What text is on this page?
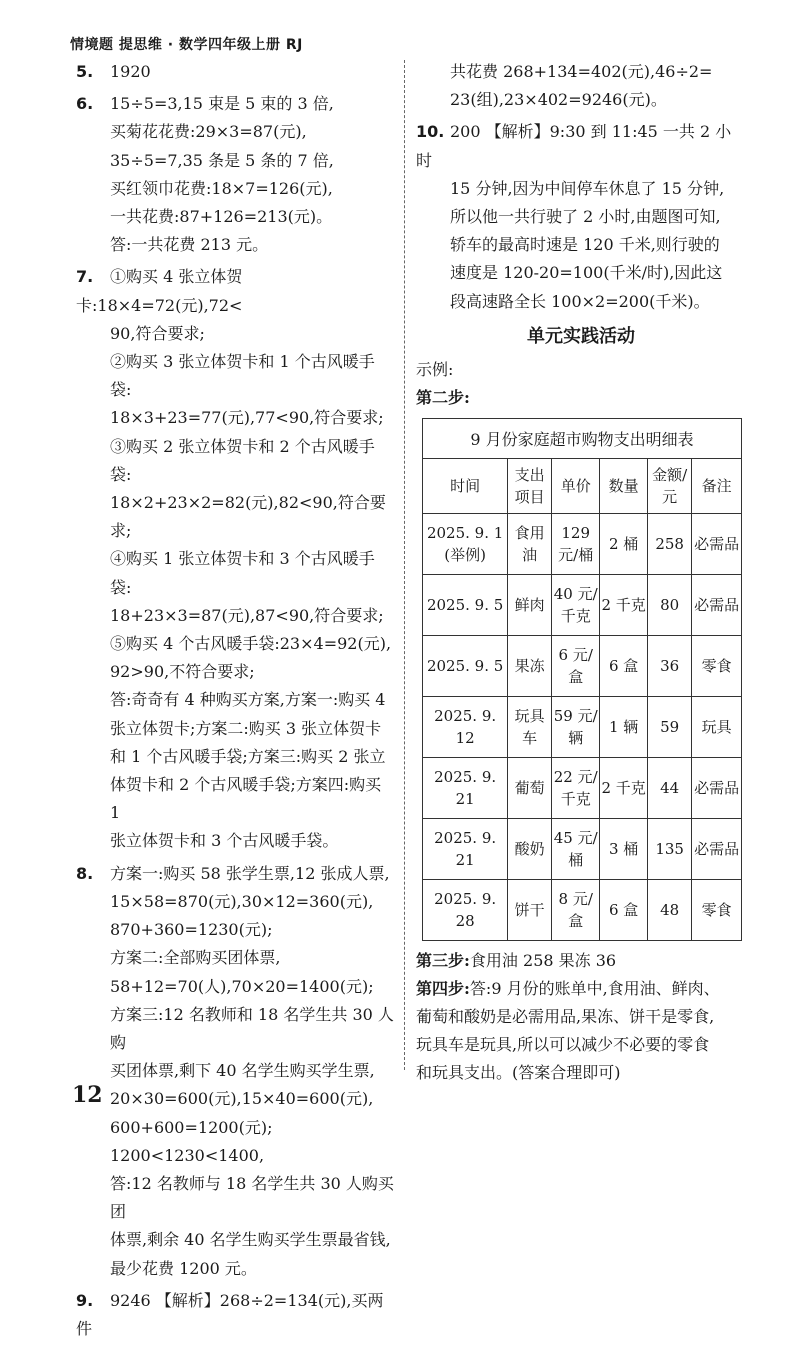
情境题 提思维 · 数学四年级上册 RJ
5. 1920
6. 15÷5=3,15 束是 5 束的 3 倍,
买菊花花费:29×3=87(元),
35÷5=7,35 条是 5 条的 7 倍,
买红领巾花费:18×7=126(元),
一共花费:87+126=213(元)。
答:一共花费 213 元。
7. ①购买 4 张立体贺卡:18×4=72(元),72<
90,符合要求;
②购买 3 张立体贺卡和 1 个古风暖手袋:
18×3+23=77(元),77<90,符合要求;
③购买 2 张立体贺卡和 2 个古风暖手袋:
18×2+23×2=82(元),82<90,符合要求;
④购买 1 张立体贺卡和 3 个古风暖手袋:
18+23×3=87(元),87<90,符合要求;
⑤购买 4 个古风暖手袋:23×4=92(元),
92>90,不符合要求;
答:奇奇有 4 种购买方案,方案一:购买 4
张立体贺卡;方案二:购买 3 张立体贺卡
和 1 个古风暖手袋;方案三:购买 2 张立
体贺卡和 2 个古风暖手袋;方案四:购买 1
张立体贺卡和 3 个古风暖手袋。
8. 方案一:购买 58 张学生票,12 张成人票,
15×58=870(元),30×12=360(元),
870+360=1230(元);
方案二:全部购买团体票,
58+12=70(人),70×20=1400(元);
方案三:12 名教师和 18 名学生共 30 人购
买团体票,剩下 40 名学生购买学生票,
20×30=600(元),15×40=600(元),
600+600=1200(元);
1200<1230<1400,
答:12 名教师与 18 名学生共 30 人购买团
体票,剩余 40 名学生购买学生票最省钱,
最少花费 1200 元。
9. 9246 【解析】268÷2=134(元),买两件
共花费 268+134=402(元),46÷2=
23(组),23×402=9246(元)。
10. 200 【解析】9:30 到 11:45 一共 2 小时
15 分钟,因为中间停车休息了 15 分钟,
所以他一共行驶了 2 小时,由题图可知,
轿车的最高时速是 120 千米,则行驶的
速度是 120-20=100(千米/时),因此这
段高速路全长 100×2=200(千米)。
单元实践活动
示例:
第二步:
9 月份家庭超市购物支出明细表
时间	支出项目	单价	数量	金额/元	备注
2025. 9. 1 (举例)	食用油	129 元/桶	2 桶	258	必需品
2025. 9. 5	鲜肉	40 元/千克	2 千克	80	必需品
2025. 9. 5	果冻	6 元/盒	6 盒	36	零食
2025. 9. 12	玩具车	59 元/辆	1 辆	59	玩具
2025. 9. 21	葡萄	22 元/千克	2 千克	44	必需品
2025. 9. 21	酸奶	45 元/桶	3 桶	135	必需品
2025. 9. 28	饼干	8 元/盒	6 盒	48	零食
第三步:食用油 258 果冻 36
第四步:答:9 月份的账单中,食用油、鲜肉、
葡萄和酸奶是必需用品,果冻、饼干是零食,
玩具车是玩具,所以可以减少不必要的零食
和玩具支出。(答案合理即可)
12
